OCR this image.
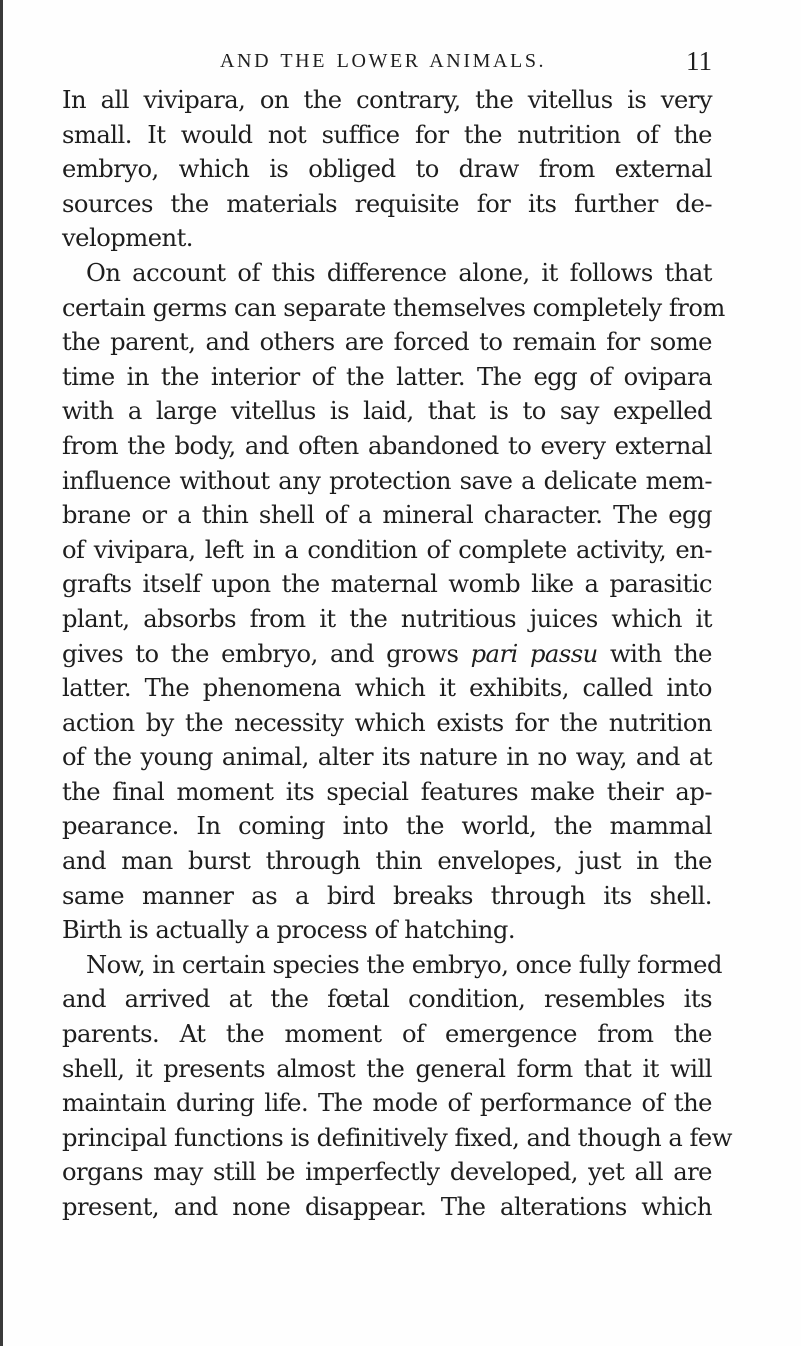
AND THE LOWER ANIMALS.	11

In all vivipara, on the contrary, the vitellus is very
small. It would not suffice for the nutrition of the
embryo, which is obliged to draw from external
sources the materials requisite for its further de-
velopment.

On account of this difference alone, it follows that
certain germs can separate themselves completely from
the parent, and others are forced to remain for some
time in the interior of the latter. The egg of ovipara
with a large vitellus is laid, that is to say expelled
from the body, and often abandoned to every external
influence without any protection save a delicate mem-
brane or a thin shell of a mineral character. The egg
of vivipara, left in a condition of complete activity, en-
grafts itself upon the maternal womb like a parasitic
plant, absorbs from it the nutritious juices which it
gives to the embryo, and grows pari passu with the
latter. The phenomena which it exhibits, called into
action by the necessity which exists for the nutrition
of the young animal, alter its nature in no way, and at
the final moment its special features make their ap-
pearance. In coming into the world, the mammal
and man burst through thin envelopes, just in the
same manner as a bird breaks through its shell.
Birth is actually a process of hatching.

Now, in certain species the embryo, once fully formed
and arrived at the fœtal condition, resembles its
parents. At the moment of emergence from the
shell, it presents almost the general form that it will
maintain during life. The mode of performance of the
principal functions is definitively fixed, and though a few
organs may still be imperfectly developed, yet all are
present, and none disappear. The alterations which
